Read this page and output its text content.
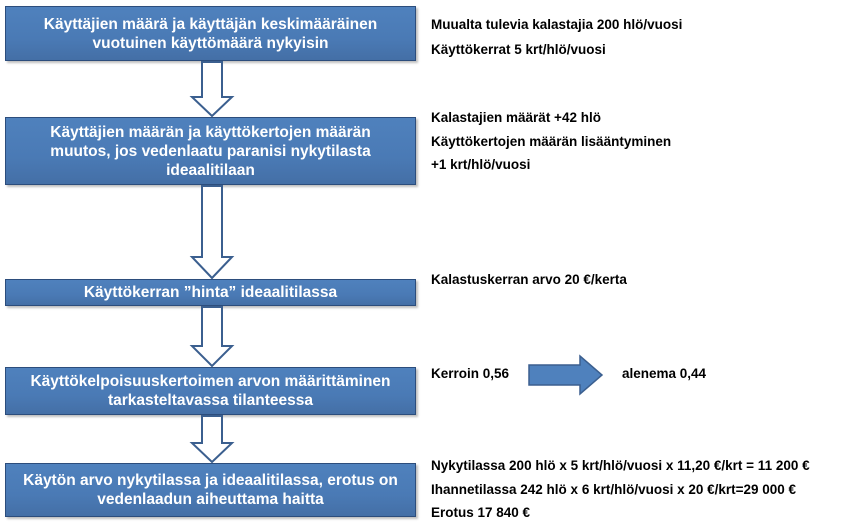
Käyttäjien määrä ja käyttäjän keskimääräinen
vuotuinen käyttömäärä nykyisin
Käyttäjien määrän ja käyttökertojen määrän
muutos, jos vedenlaatu paranisi nykytilasta
ideaalitilaan
Käyttökerran ”hinta” ideaalitilassa
Käyttökelpoisuuskertoimen arvon määrittäminen
tarkasteltavassa tilanteessa
Käytön arvo nykytilassa ja ideaalitilassa, erotus on
vedenlaadun aiheuttama haitta
Muualta tulevia kalastajia 200 hlö/vuosi
Käyttökerrat 5 krt/hlö/vuosi
Kalastajien määrät +42 hlö
Käyttökertojen määrän lisääntyminen
+1 krt/hlö/vuosi
Kalastuskerran arvo 20 €/kerta
Kerroin 0,56	alenema 0,44
Nykytilassa 200 hlö x 5 krt/hlö/vuosi x 11,20 €/krt = 11 200 €
Ihannetilassa 242 hlö x 6 krt/hlö/vuosi x 20 €/krt=29 000 €
Erotus 17 840 €
